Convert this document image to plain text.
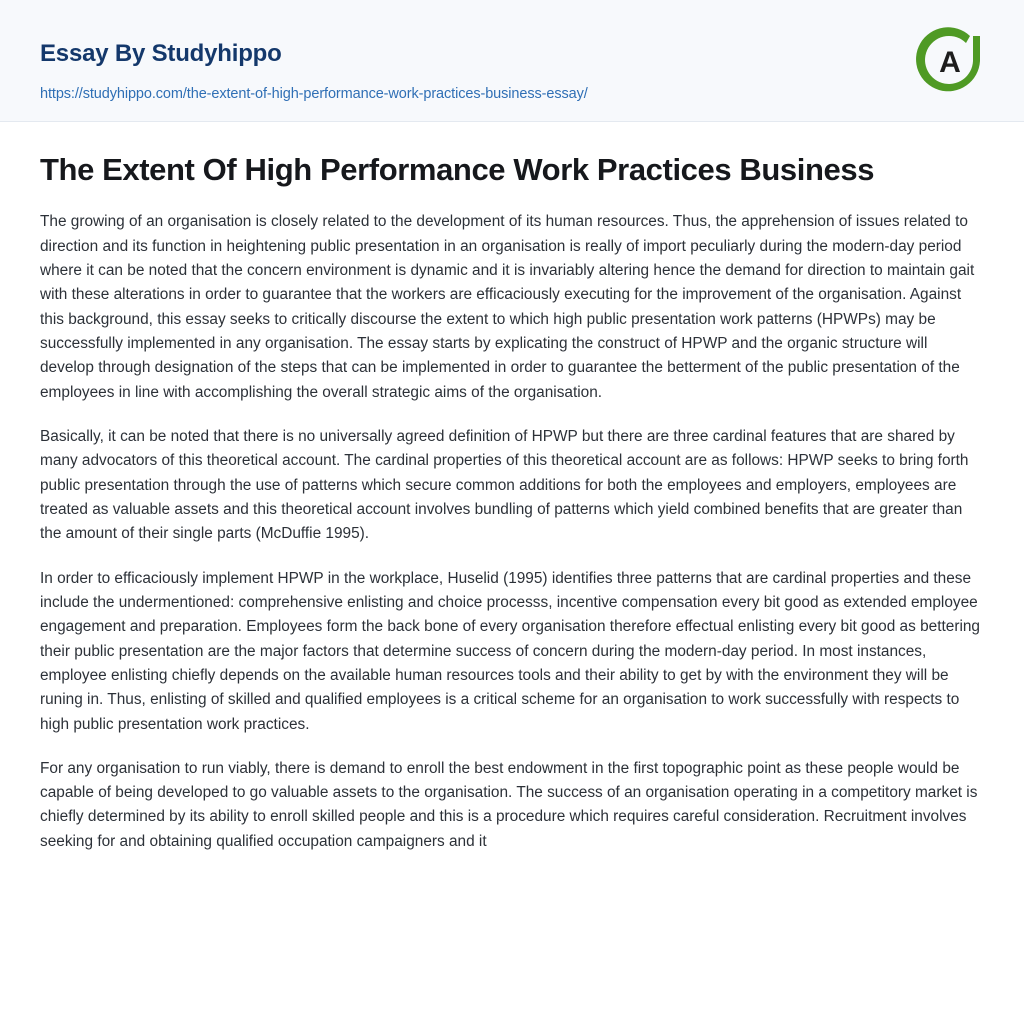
Essay By Studyhippo
https://studyhippo.com/the-extent-of-high-performance-work-practices-business-essay/
A
The Extent Of High Performance Work Practices Business

The growing of an organisation is closely related to the development of its human resources. Thus, the apprehension of issues related to direction and its function in heightening public presentation in an organisation is really of import peculiarly during the modern-day period where it can be noted that the concern environment is dynamic and it is invariably altering hence the demand for direction to maintain gait with these alterations in order to guarantee that the workers are efficaciously executing for the improvement of the organisation. Against this background, this essay seeks to critically discourse the extent to which high public presentation work patterns (HPWPs) may be successfully implemented in any organisation. The essay starts by explicating the construct of HPWP and the organic structure will develop through designation of the steps that can be implemented in order to guarantee the betterment of the public presentation of the employees in line with accomplishing the overall strategic aims of the organisation.

Basically, it can be noted that there is no universally agreed definition of HPWP but there are three cardinal features that are shared by many advocators of this theoretical account. The cardinal properties of this theoretical account are as follows: HPWP seeks to bring forth public presentation through the use of patterns which secure common additions for both the employees and employers, employees are treated as valuable assets and this theoretical account involves bundling of patterns which yield combined benefits that are greater than the amount of their single parts (McDuffie 1995).

In order to efficaciously implement HPWP in the workplace, Huselid (1995) identifies three patterns that are cardinal properties and these include the undermentioned: comprehensive enlisting and choice processs, incentive compensation every bit good as extended employee engagement and preparation. Employees form the back bone of every organisation therefore effectual enlisting every bit good as bettering their public presentation are the major factors that determine success of concern during the modern-day period. In most instances, employee enlisting chiefly depends on the available human resources tools and their ability to get by with the environment they will be runing in. Thus, enlisting of skilled and qualified employees is a critical scheme for an organisation to work successfully with respects to high public presentation work practices.

For any organisation to run viably, there is demand to enroll the best endowment in the first topographic point as these people would be capable of being developed to go valuable assets to the organisation. The success of an organisation operating in a competitory market is chiefly determined by its ability to enroll skilled people and this is a procedure which requires careful consideration. Recruitment involves seeking for and obtaining qualified occupation campaigners and it
